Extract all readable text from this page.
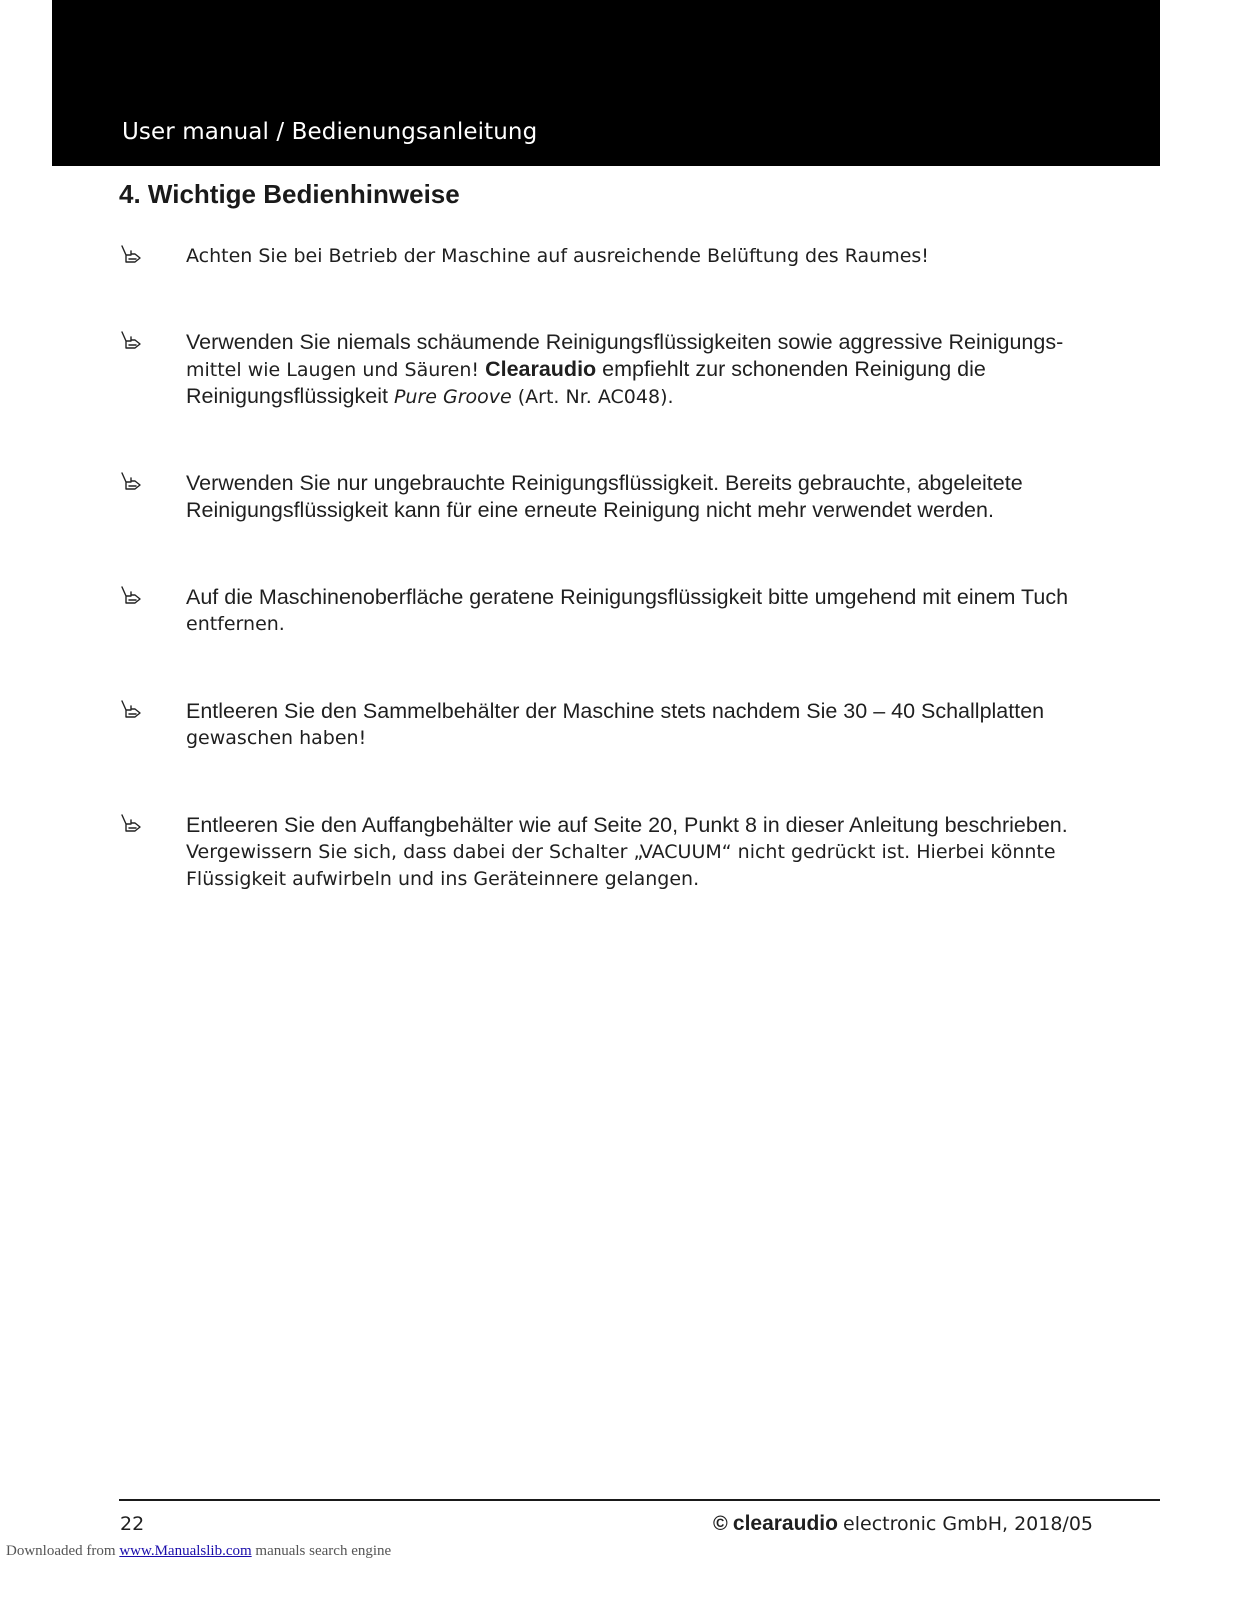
User manual / Bedienungsanleitung
4. Wichtige Bedienhinweise
Achten Sie bei Betrieb der Maschine auf ausreichende Belüftung des Raumes!
Verwenden Sie niemals schäumende Reinigungsflüssigkeiten sowie aggressive Reinigungs-
mittel wie Laugen und Säuren! Clearaudio empfiehlt zur schonenden Reinigung die
Reinigungsflüssigkeit Pure Groove (Art. Nr. AC048).
Verwenden Sie nur ungebrauchte Reinigungsflüssigkeit. Bereits gebrauchte, abgeleitete
Reinigungsflüssigkeit kann für eine erneute Reinigung nicht mehr verwendet werden.
Auf die Maschinenoberfläche geratene Reinigungsflüssigkeit bitte umgehend mit einem Tuch
entfernen.
Entleeren Sie den Sammelbehälter der Maschine stets nachdem Sie 30 – 40 Schallplatten
gewaschen haben!
Entleeren Sie den Auffangbehälter wie auf Seite 20, Punkt 8 in dieser Anleitung beschrieben.
Vergewissern Sie sich, dass dabei der Schalter „VACUUM“ nicht gedrückt ist. Hierbei könnte
Flüssigkeit aufwirbeln und ins Geräteinnere gelangen.
22	© clearaudio electronic GmbH, 2018/05
Downloaded from www.Manualslib.com manuals search engine
